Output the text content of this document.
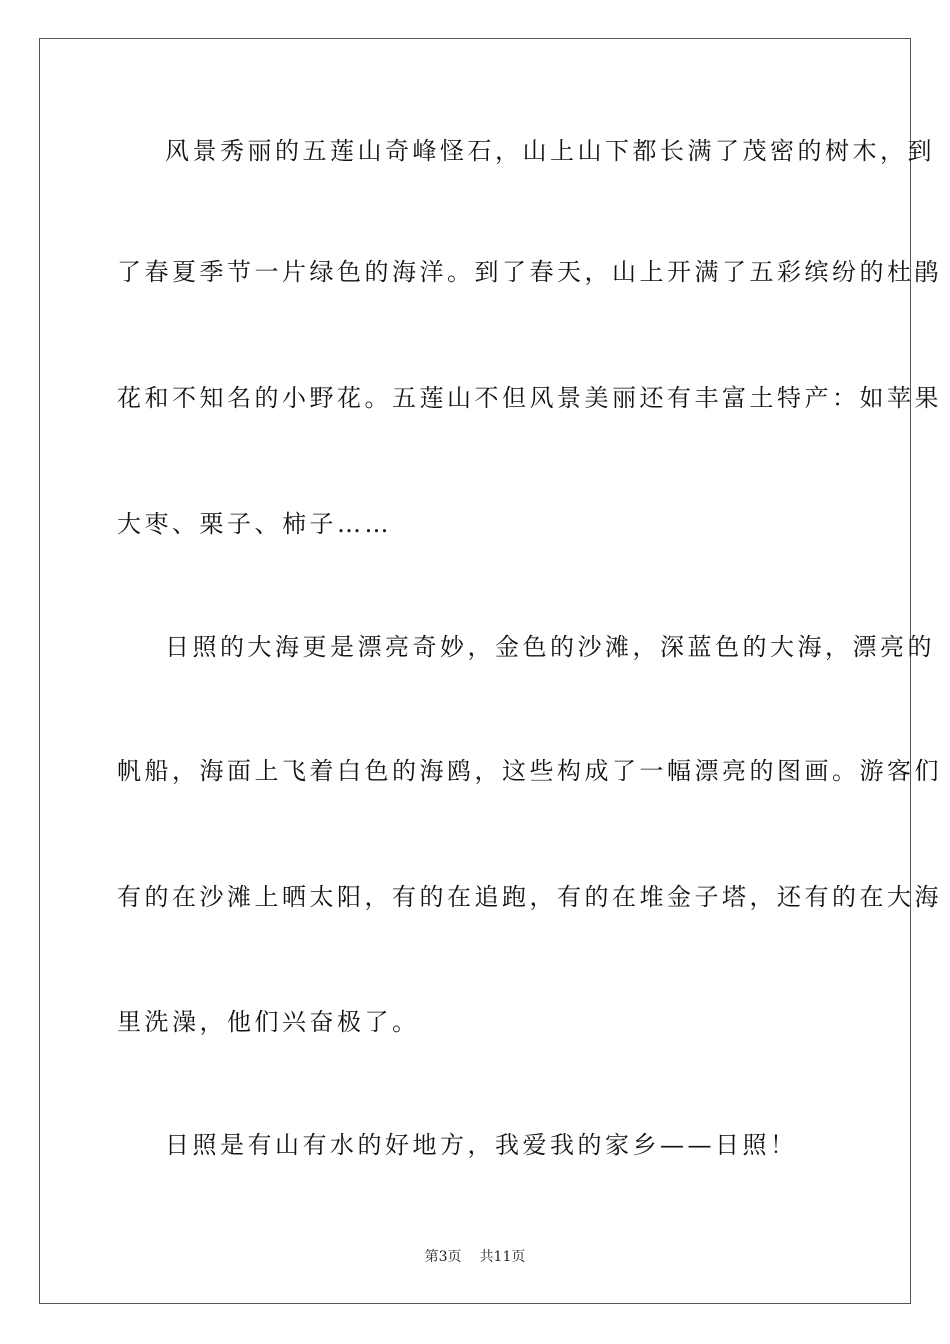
风景秀丽的五莲山奇峰怪石，山上山下都长满了茂密的树木，到
了春夏季节一片绿色的海洋。到了春天，山上开满了五彩缤纷的杜鹃
花和不知名的小野花。五莲山不但风景美丽还有丰富土特产：如苹果
大枣、栗子、柿子……
日照的大海更是漂亮奇妙，金色的沙滩，深蓝色的大海，漂亮的
帆船，海面上飞着白色的海鸥，这些构成了一幅漂亮的图画。游客们
有的在沙滩上晒太阳，有的在追跑，有的在堆金子塔，还有的在大海
里洗澡，他们兴奋极了。
日照是有山有水的好地方，我爱我的家乡——日照！
第3页 共11页
